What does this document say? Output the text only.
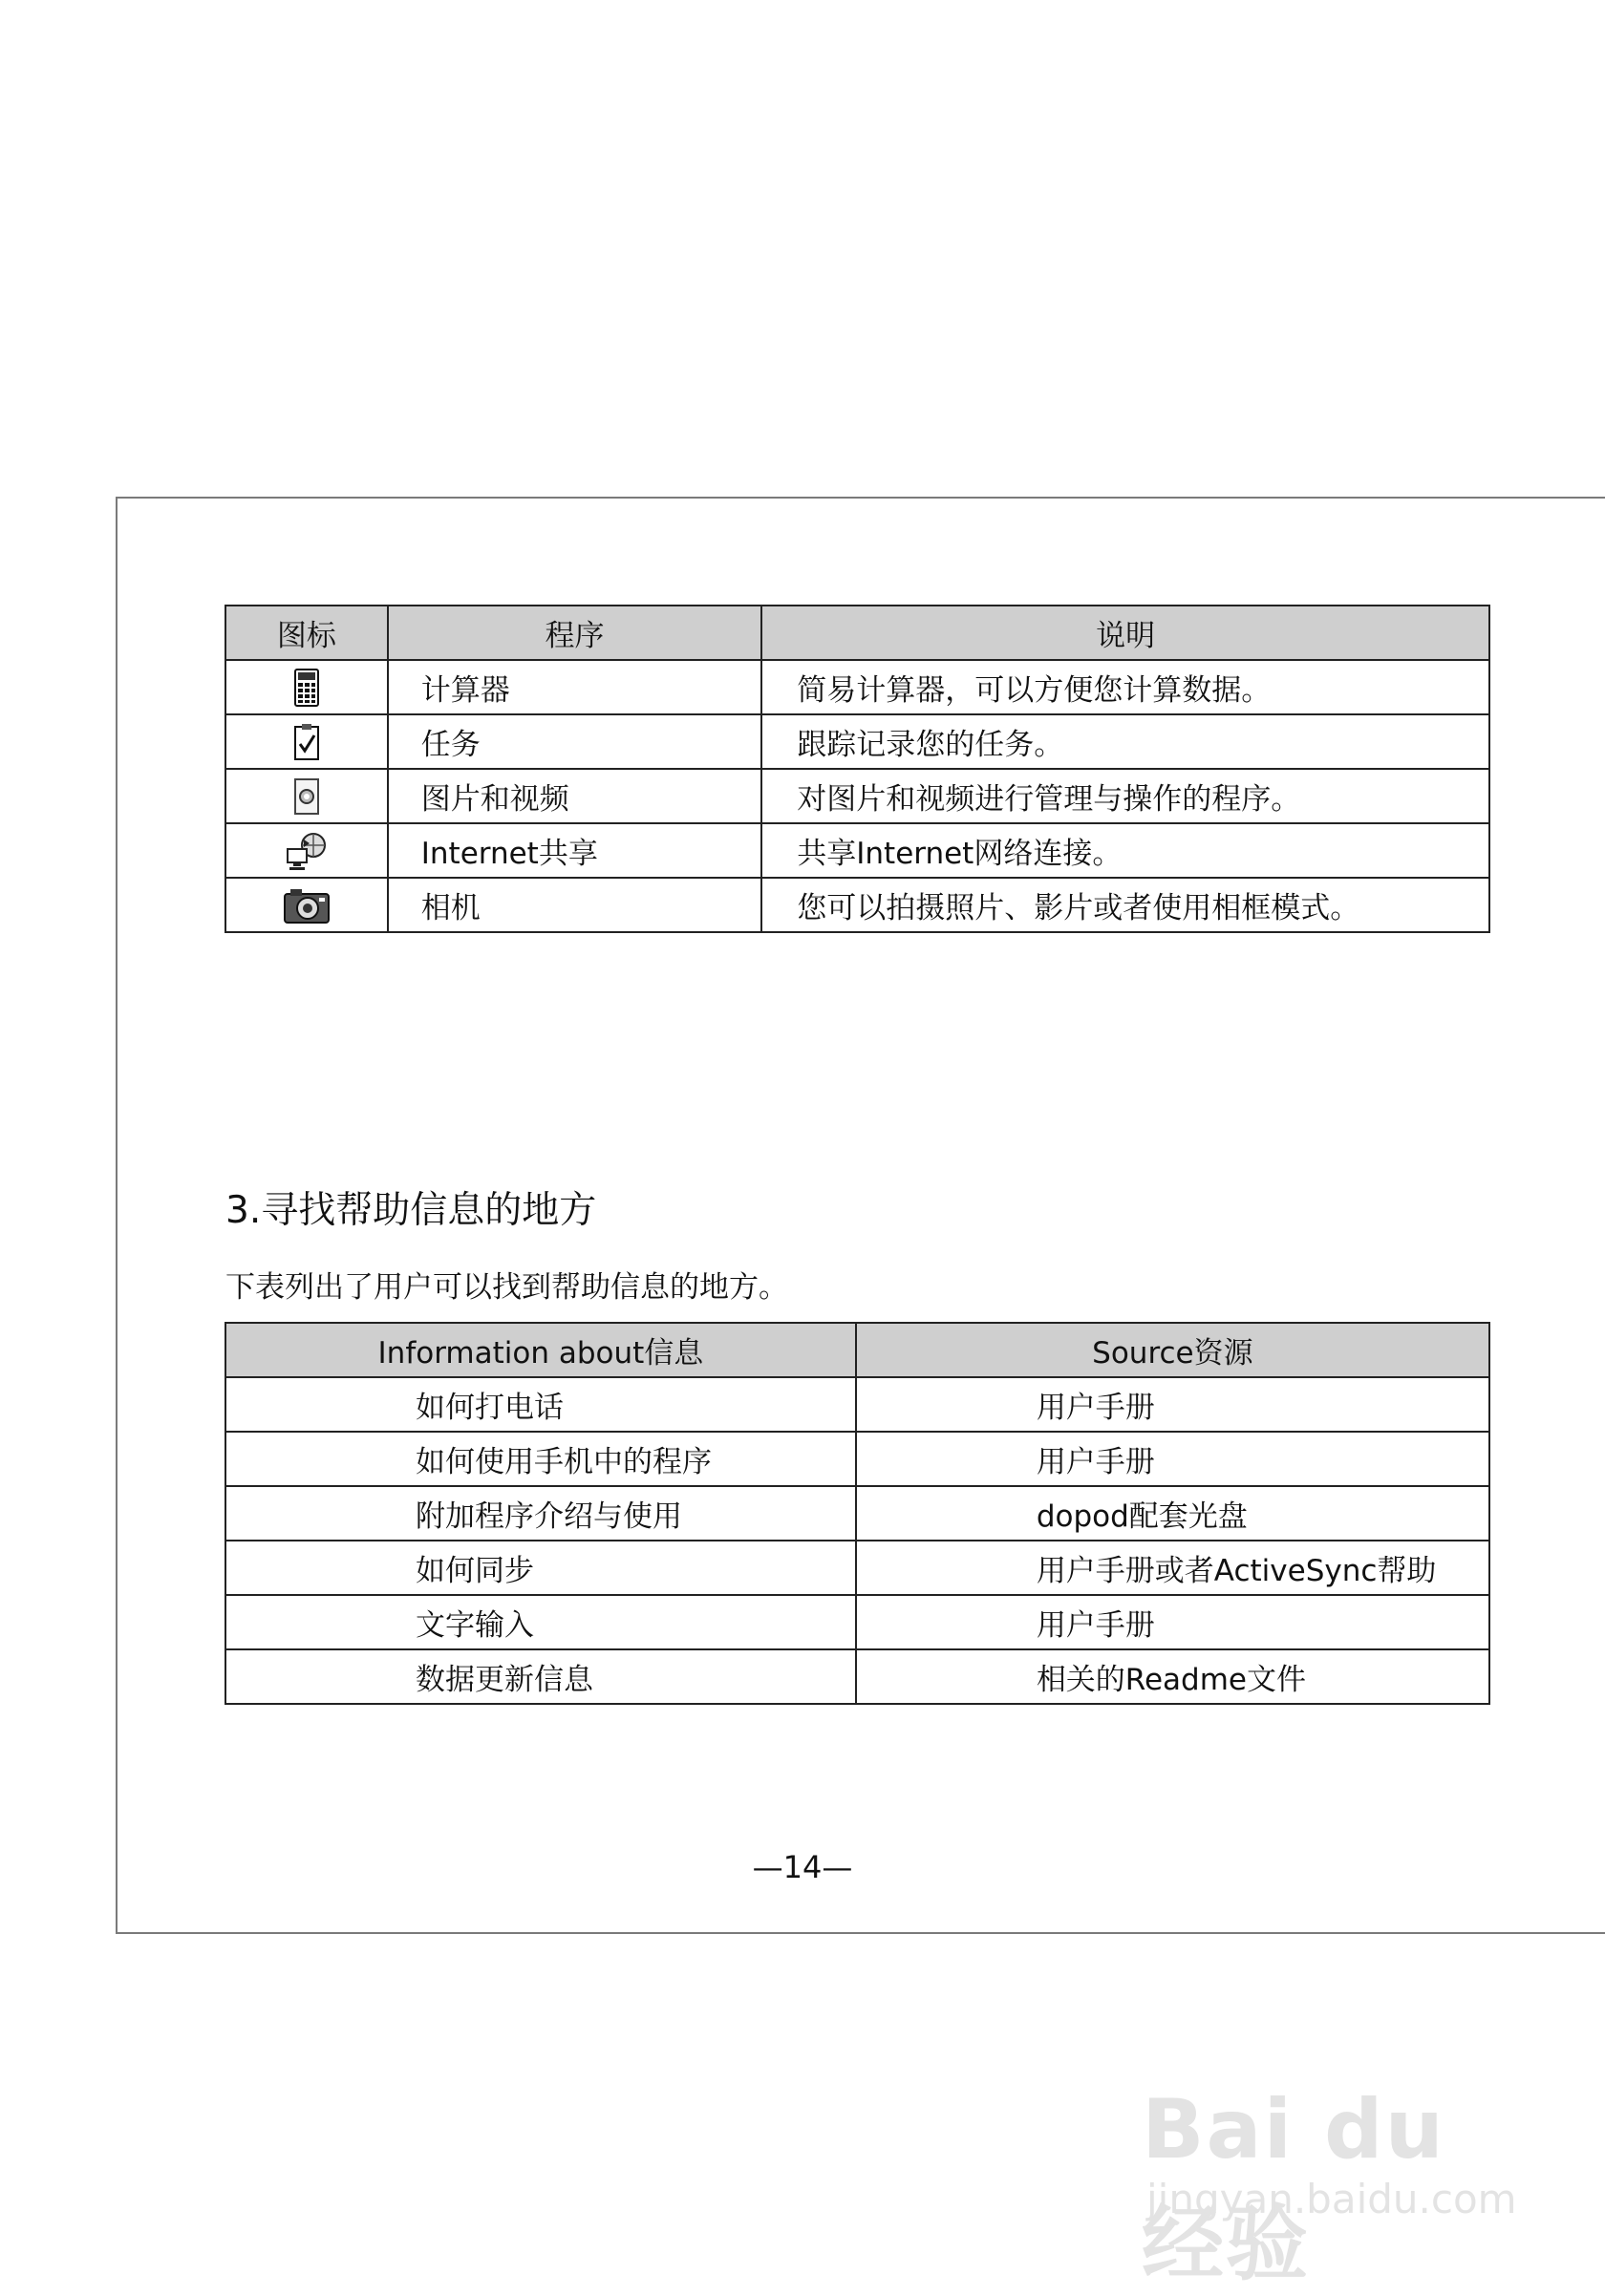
图标	程序	说明

	计算器	简易计算器，可以方便您计算数据。

	任务	跟踪记录您的任务。

	图片和视频	对图片和视频进行管理与操作的程序。

	Internet共享	共享Internet网络连接。

	相机	您可以拍摄照片、影片或者使用相框模式。
3.寻找帮助信息的地方

下表列出了用户可以找到帮助信息的地方。

Information about信息	Source资源
如何打电话	用户手册
如何使用手机中的程序	用户手册
附加程序介绍与使用	dopod配套光盘
如何同步	用户手册或者ActiveSync帮助
文字输入	用户手册
数据更新信息	相关的Readme文件
—14—
Bai du 经验
jingyan.baidu.com
